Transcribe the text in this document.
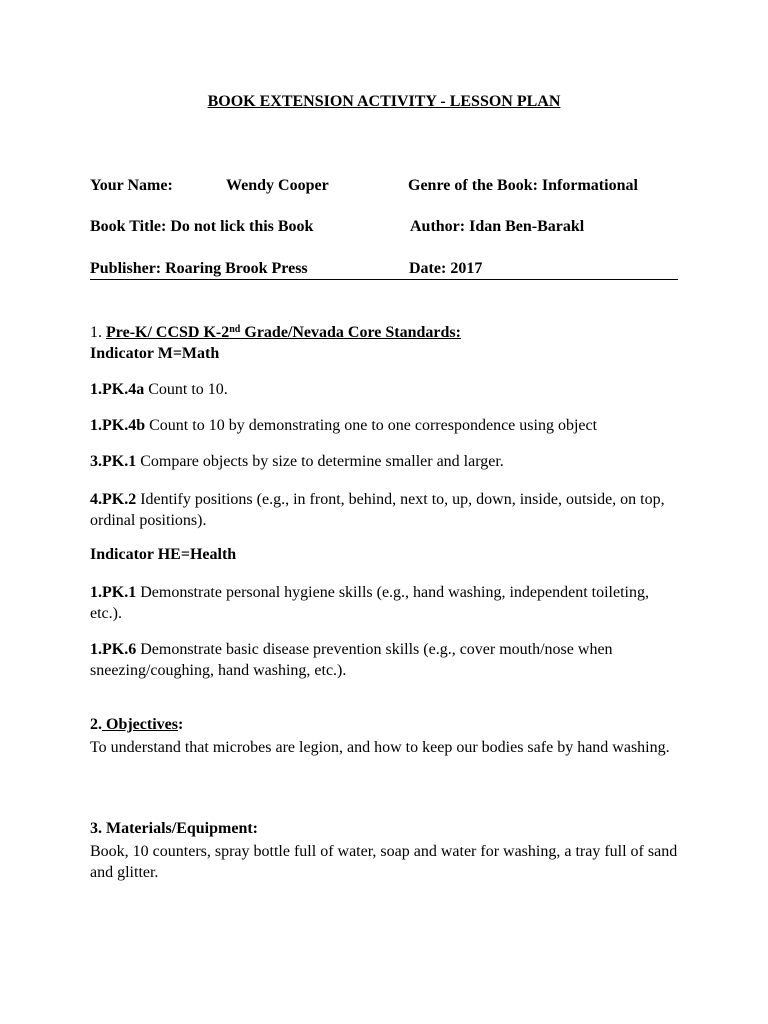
BOOK EXTENSION ACTIVITY - LESSON PLAN
Your Name:	Wendy Cooper	Genre of the Book: Informational
Book Title: Do not lick this Book	Author: Idan Ben-Barakl
Publisher: Roaring Brook Press	Date: 2017
1. Pre-K/ CCSD K-2nd Grade/Nevada Core Standards:
Indicator M=Math
1.PK.4a Count to 10.
1.PK.4b Count to 10 by demonstrating one to one correspondence using object
3.PK.1 Compare objects by size to determine smaller and larger.
4.PK.2 Identify positions (e.g., in front, behind, next to, up, down, inside, outside, on top, ordinal positions).
Indicator HE=Health
1.PK.1 Demonstrate personal hygiene skills (e.g., hand washing, independent toileting, etc.).
1.PK.6 Demonstrate basic disease prevention skills (e.g., cover mouth/nose when sneezing/coughing, hand washing, etc.).
2. Objectives:
To understand that microbes are legion, and how to keep our bodies safe by hand washing.
3. Materials/Equipment:
Book, 10 counters, spray bottle full of water, soap and water for washing, a tray full of sand and glitter.
